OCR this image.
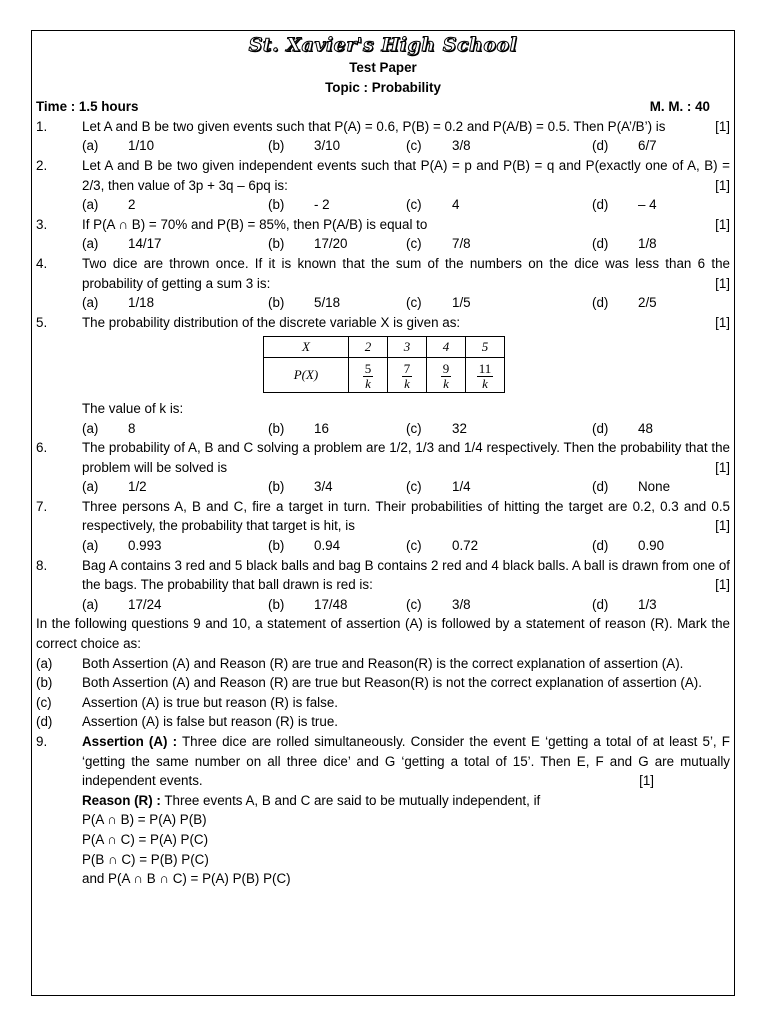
St. Xavier's High School
Test Paper
Topic : Probability
Time : 1.5 hours	M. M. : 40
1.	Let A and B be two given events such that P(A) = 0.6, P(B) = 0.2 and P(A/B) = 0.5. Then P(A’/B’) is	[1]
(a)	1/10	(b)	3/10	(c)	3/8	(d)	6/7
2.	Let A and B be two given independent events such that P(A) = p and P(B) = q and P(exactly one of A, B) = 2/3, then value of 3p + 3q – 6pq is:	[1]
(a)	2	(b)	- 2	(c)	4	(d)	– 4
3.	If P(A ∩ B) = 70% and P(B) = 85%, then P(A/B) is equal to	[1]
(a)	14/17	(b)	17/20	(c)	7/8	(d)	1/8
4.	Two dice are thrown once. If it is known that the sum of the numbers on the dice was less than 6 the probability of getting a sum 3 is:	[1]
(a)	1/18	(b)	5/18	(c)	1/5	(d)	2/5
5.	The probability distribution of the discrete variable X is given as:	[1]
X	2	3	4	5
P(X)	$\frac{5}{k}$	$\frac{7}{k}$	$\frac{9}{k}$	$\frac{11}{k}$
The value of k is:
(a)	8	(b)	16	(c)	32	(d)	48
6.	The probability of A, B and C solving a problem are 1/2, 1/3 and 1/4 respectively. Then the probability that the problem will be solved is	[1]
(a)	1/2	(b)	3/4	(c)	1/4	(d)	None
7.	Three persons A, B and C, fire a target in turn. Their probabilities of hitting the target are 0.2, 0.3 and 0.5 respectively, the probability that target is hit, is	[1]
(a)	0.993	(b)	0.94	(c)	0.72	(d)	0.90
8.	Bag A contains 3 red and 5 black balls and bag B contains 2 red and 4 black balls. A ball is drawn from one of the bags. The probability that ball drawn is red is:	[1]
(a)	17/24	(b)	17/48	(c)	3/8	(d)	1/3
In the following questions 9 and 10, a statement of assertion (A) is followed by a statement of reason (R). Mark the correct choice as:
(a) Both Assertion (A) and Reason (R) are true and Reason(R) is the correct explanation of assertion (A).
(b) Both Assertion (A) and Reason (R) are true but Reason(R) is not the correct explanation of assertion (A).
(c) Assertion (A) is true but reason (R) is false.
(d) Assertion (A) is false but reason (R) is true.
9.	Assertion (A) : Three dice are rolled simultaneously. Consider the event E ‘getting a total of at least 5’, F ‘getting the same number on all three dice’ and G ‘getting a total of 15’. Then E, F and G are mutually independent events.	[1]
Reason (R) : Three events A, B and C are said to be mutually independent, if
P(A ∩ B) = P(A) P(B)
P(A ∩ C) = P(A) P(C)
P(B ∩ C) = P(B) P(C)
and P(A ∩ B ∩ C) = P(A) P(B) P(C)
